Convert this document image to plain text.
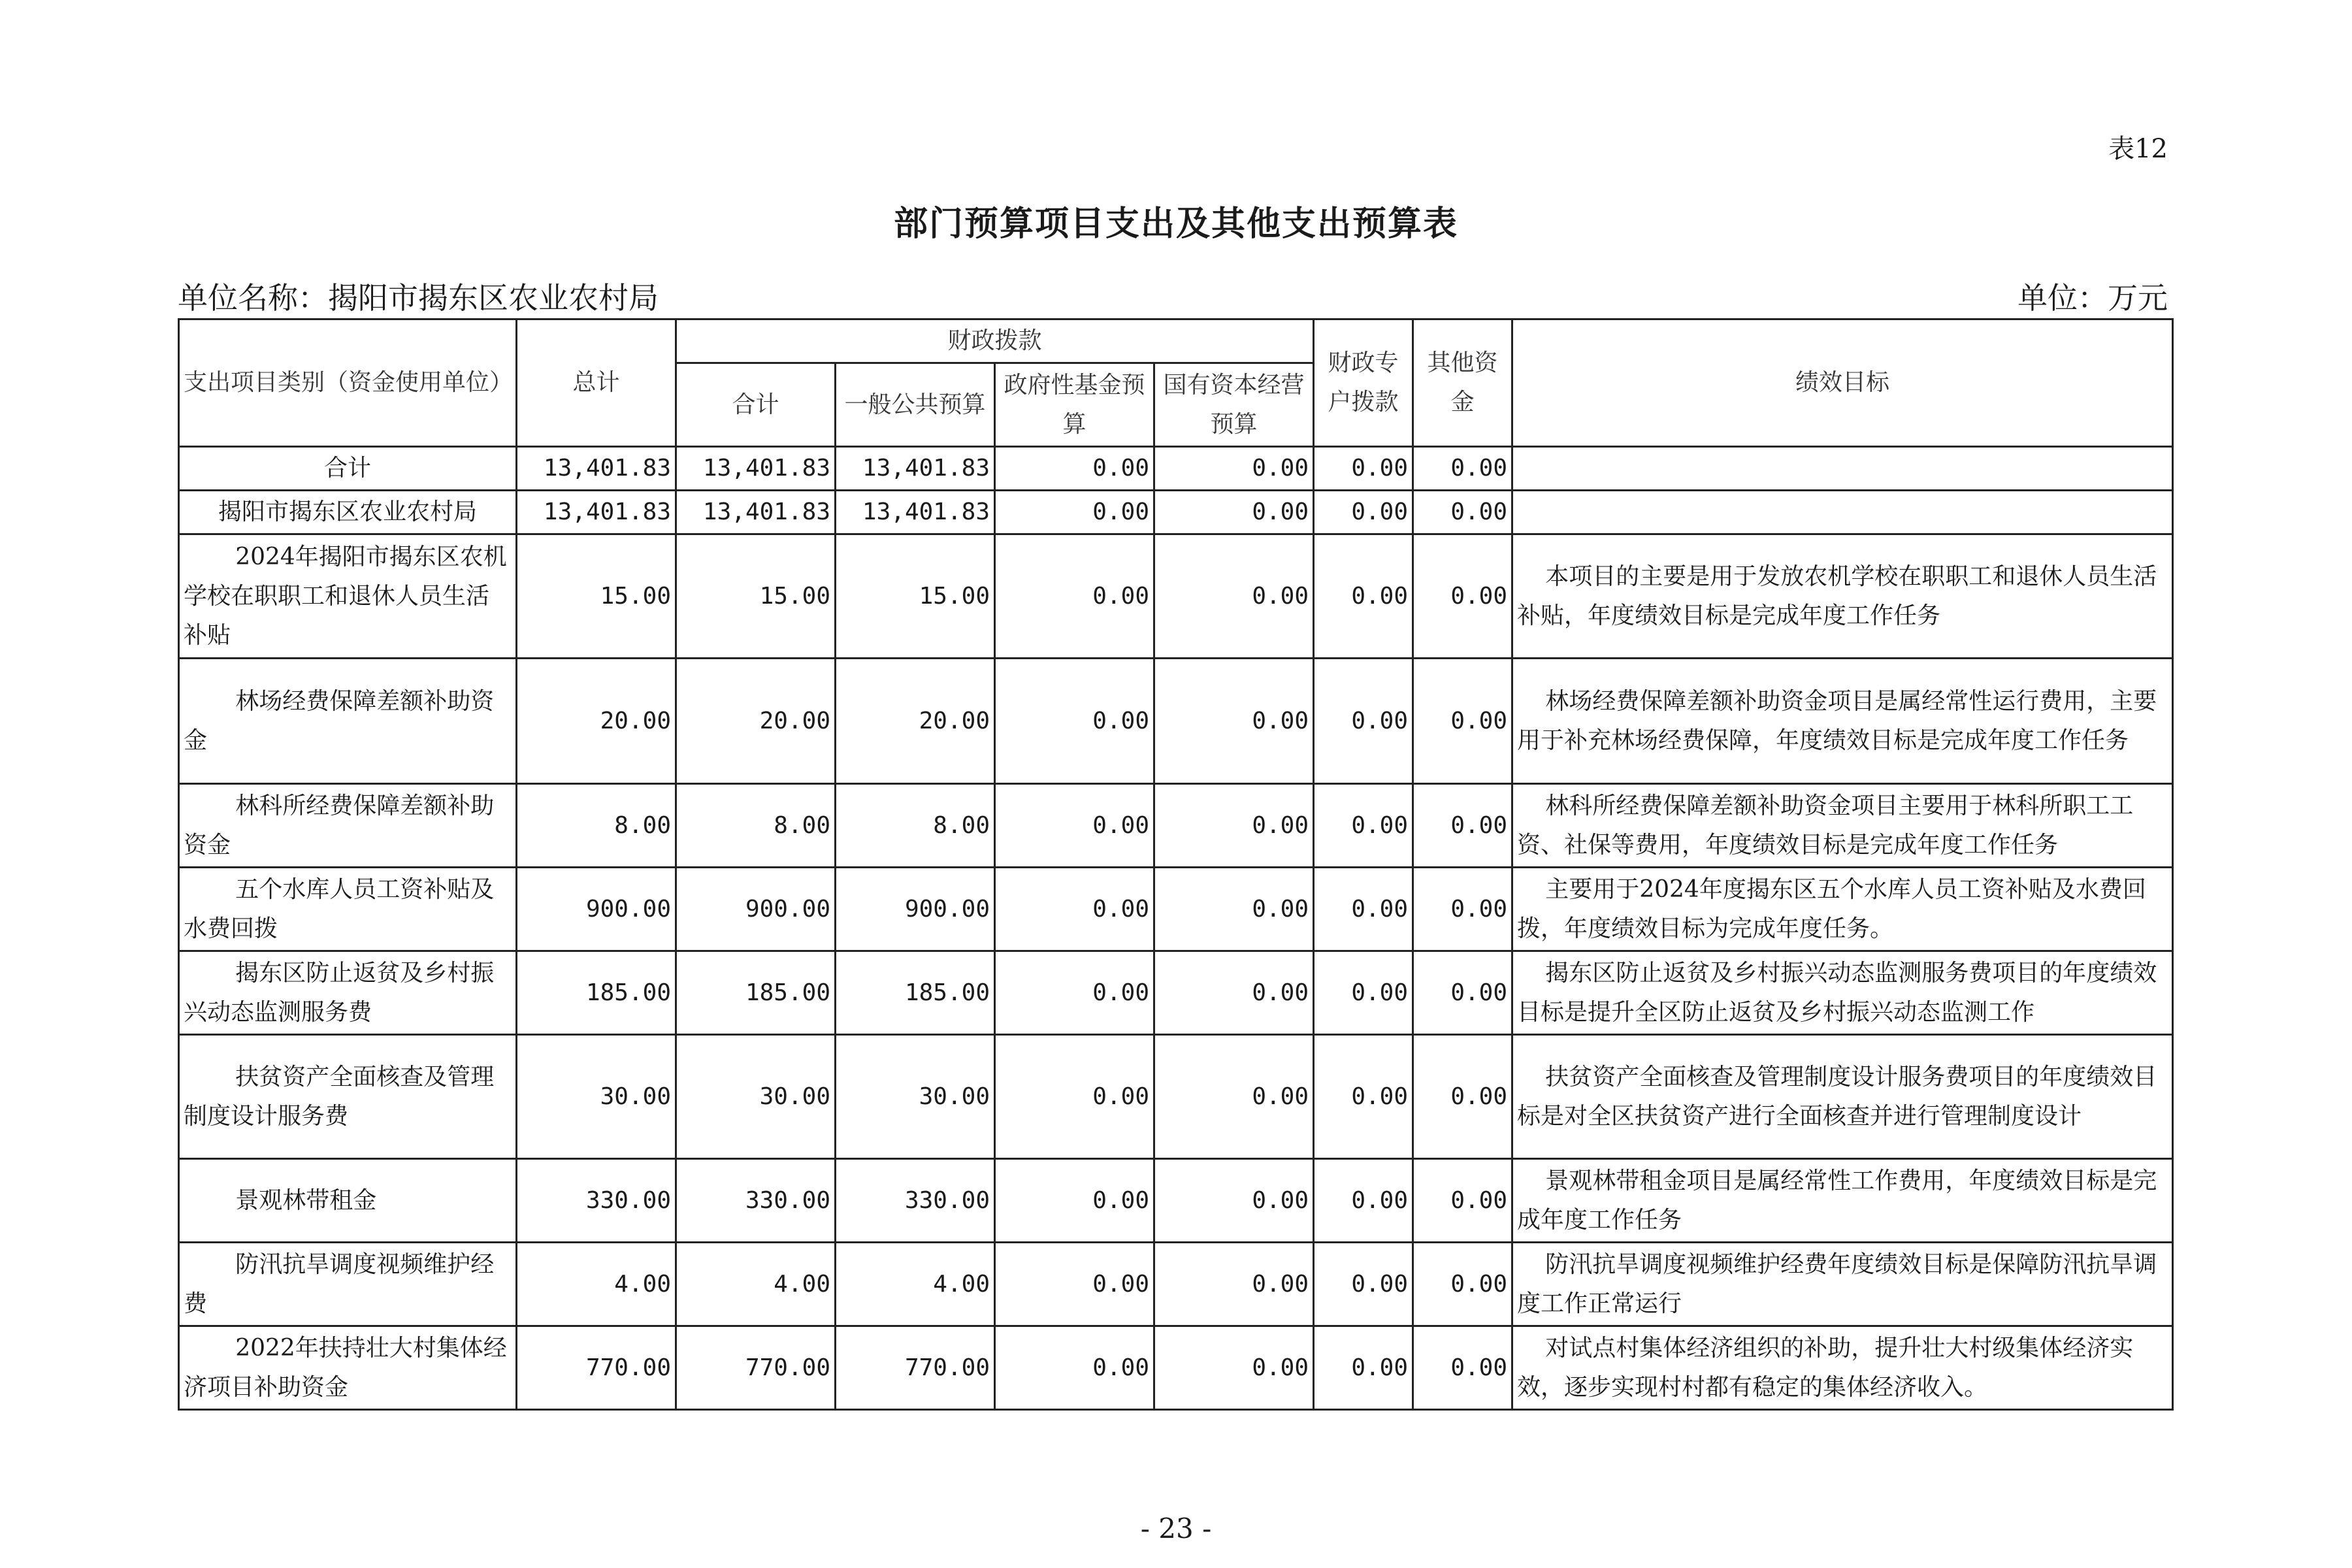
表12
部门预算项目支出及其他支出预算表
单位名称：揭阳市揭东区农业农村局	单位：万元
支出项目类别（资金使用单位）	总计	财政拨款				财政专户拨款	其他资金	绩效目标
		合计	一般公共预算	政府性基金预算	国有资本经营预算			
合计	13,401.83	13,401.83	13,401.83	0.00	0.00	0.00	0.00	
揭阳市揭东区农业农村局	13,401.83	13,401.83	13,401.83	0.00	0.00	0.00	0.00	
2024年揭阳市揭东区农机学校在职职工和退休人员生活补贴	15.00	15.00	15.00	0.00	0.00	0.00	0.00	本项目的主要是用于发放农机学校在职职工和退休人员生活补贴，年度绩效目标是完成年度工作任务
林场经费保障差额补助资金	20.00	20.00	20.00	0.00	0.00	0.00	0.00	林场经费保障差额补助资金项目是属经常性运行费用，主要用于补充林场经费保障，年度绩效目标是完成年度工作任务
林科所经费保障差额补助资金	8.00	8.00	8.00	0.00	0.00	0.00	0.00	林科所经费保障差额补助资金项目主要用于林科所职工工资、社保等费用，年度绩效目标是完成年度工作任务
五个水库人员工资补贴及水费回拨	900.00	900.00	900.00	0.00	0.00	0.00	0.00	主要用于2024年度揭东区五个水库人员工资补贴及水费回拨，年度绩效目标为完成年度任务。
揭东区防止返贫及乡村振兴动态监测服务费	185.00	185.00	185.00	0.00	0.00	0.00	0.00	揭东区防止返贫及乡村振兴动态监测服务费项目的年度绩效目标是提升全区防止返贫及乡村振兴动态监测工作
扶贫资产全面核查及管理制度设计服务费	30.00	30.00	30.00	0.00	0.00	0.00	0.00	扶贫资产全面核查及管理制度设计服务费项目的年度绩效目标是对全区扶贫资产进行全面核查并进行管理制度设计
景观林带租金	330.00	330.00	330.00	0.00	0.00	0.00	0.00	景观林带租金项目是属经常性工作费用，年度绩效目标是完成年度工作任务
防汛抗旱调度视频维护经费	4.00	4.00	4.00	0.00	0.00	0.00	0.00	防汛抗旱调度视频维护经费年度绩效目标是保障防汛抗旱调度工作正常运行
2022年扶持壮大村集体经济项目补助资金	770.00	770.00	770.00	0.00	0.00	0.00	0.00	对试点村集体经济组织的补助，提升壮大村级集体经济实效，逐步实现村村都有稳定的集体经济收入。
- 23 -
